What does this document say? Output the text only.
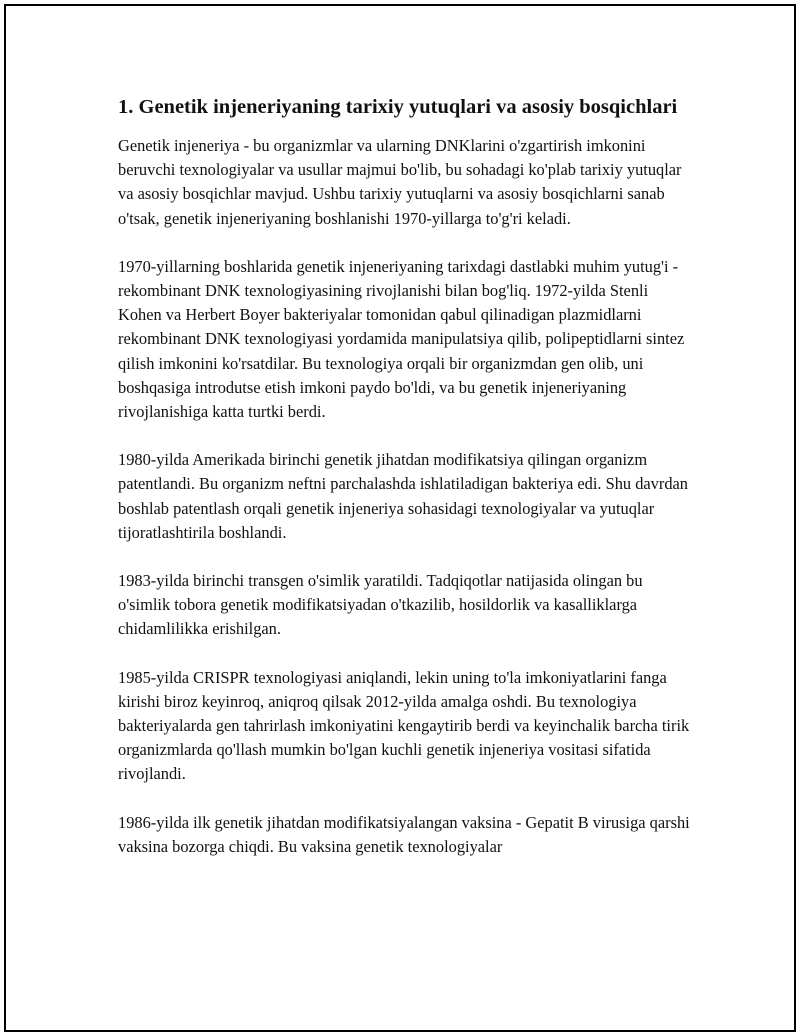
1. Genetik injeneriyaning tarixiy yutuqlari va asosiy bosqichlari

Genetik injeneriya - bu organizmlar va ularning DNKlarini o'zgartirish imkonini beruvchi texnologiyalar va usullar majmui bo'lib, bu sohadagi ko'plab tarixiy yutuqlar va asosiy bosqichlar mavjud. Ushbu tarixiy yutuqlarni va asosiy bosqichlarni sanab o'tsak, genetik injeneriyaning boshlanishi 1970-yillarga to'g'ri keladi.

1970-yillarning boshlarida genetik injeneriyaning tarixdagi dastlabki muhim yutug'i - rekombinant DNK texnologiyasining rivojlanishi bilan bog'liq. 1972-yilda Stenli Kohen va Herbert Boyer bakteriyalar tomonidan qabul qilinadigan plazmidlarni rekombinant DNK texnologiyasi yordamida manipulatsiya qilib, polipeptidlarni sintez qilish imkonini ko'rsatdilar. Bu texnologiya orqali bir organizmdan gen olib, uni boshqasiga introdutse etish imkoni paydo bo'ldi, va bu genetik injeneriyaning rivojlanishiga katta turtki berdi.

1980-yilda Amerikada birinchi genetik jihatdan modifikatsiya qilingan organizm patentlandi. Bu organizm neftni parchalashda ishlatiladigan bakteriya edi. Shu davrdan boshlab patentlash orqali genetik injeneriya sohasidagi texnologiyalar va yutuqlar tijoratlashtirila boshlandi.

1983-yilda birinchi transgen o'simlik yaratildi. Tadqiqotlar natijasida olingan bu o'simlik tobora genetik modifikatsiyadan o'tkazilib, hosildorlik va kasalliklarga chidamlilikka erishilgan.

1985-yilda CRISPR texnologiyasi aniqlandi, lekin uning to'la imkoniyatlarini fanga kirishi biroz keyinroq, aniqroq qilsak 2012-yilda amalga oshdi. Bu texnologiya bakteriyalarda gen tahrirlash imkoniyatini kengaytirib berdi va keyinchalik barcha tirik organizmlarda qo'llash mumkin bo'lgan kuchli genetik injeneriya vositasi sifatida rivojlandi.

1986-yilda ilk genetik jihatdan modifikatsiyalangan vaksina - Gepatit B virusiga qarshi vaksina bozorga chiqdi. Bu vaksina genetik texnologiyalar
